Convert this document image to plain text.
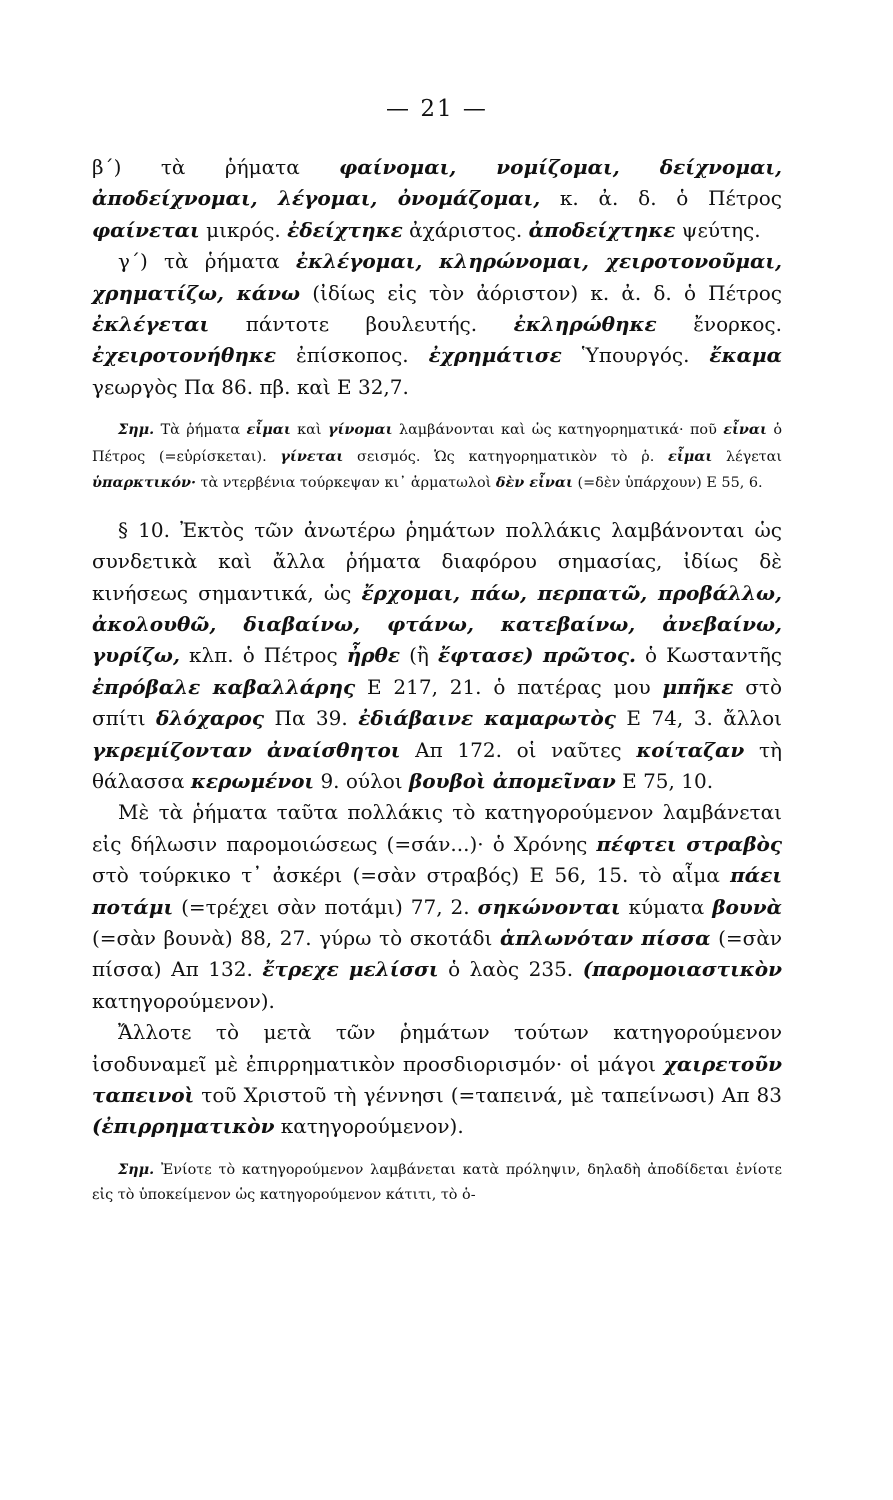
— 21 —

β΄) τὰ ῥήματα φαίνομαι, νομίζομαι, δείχνομαι, ἀποδείχνομαι, λέγομαι, ὀνομάζομαι, κ. ἀ. δ. ὁ Πέτρος φαίνεται μικρός. ἐδείχτηκε ἀχάριστος. ἀποδείχτηκε ψεύτης.

γ΄) τὰ ῥήματα ἐκλέγομαι, κληρώνομαι, χειροτονοῦμαι, χρηματίζω, κάνω (ἰδίως εἰς τὸν ἀόριστον) κ. ἀ. δ. ὁ Πέτρος ἐκλέγεται πάντοτε βουλευτής. ἐκληρώθηκε ἔνορκος. ἐχειροτονήθηκε ἐπίσκοπος. ἐχρημάτισε Ὑπουργός. ἔκαμα γεωργὸς Πα 86. πβ. καὶ Ε 32,7.

Σημ. Τὰ ῥήματα εἶμαι καὶ γίνομαι λαμβάνονται καὶ ὡς κατηγορηματικά· ποῦ εἶναι ὁ Πέτρος (=εὑρίσκεται). γίνεται σεισμός. Ὡς κατηγορηματικὸν τὸ ῥ. εἶμαι λέγεται ὑπαρκτικόν· τὰ ντερβένια τούρκεψαν κι᾽ ἁρματωλοὶ δὲν εἶναι (=δὲν ὑπάρχουν) Ε 55, 6.

§ 10. Ἐκτὸς τῶν ἀνωτέρω ῥημάτων πολλάκις λαμβάνονται ὡς συνδετικὰ καὶ ἄλλα ῥήματα διαφόρου σημασίας, ἰδίως δὲ κινήσεως σημαντικά, ὡς ἔρχομαι, πάω, περπατῶ, προβάλλω, ἀκολουθῶ, διαβαίνω, φτάνω, κατεβαίνω, ἀνεβαίνω, γυρίζω, κλπ. ὁ Πέτρος ἦρθε (ἢ ἔφτασε) πρῶτος. ὁ Κωσταντῆς ἐπρόβαλε καβαλλάρης Ε 217, 21. ὁ πατέρας μου μπῆκε στὸ σπίτι δλόχαρος Πα 39. ἐδιάβαινε καμαρωτὸς Ε 74, 3. ἄλλοι γκρεμίζονταν ἀναίσθητοι Απ 172. οἱ ναῦτες κοίταζαν τὴ θάλασσα κερωμένοι 9. ούλοι βουβοὶ ἀπομεῖναν Ε 75, 10.

Μὲ τὰ ῥήματα ταῦτα πολλάκις τὸ κατηγορούμενον λαμβάνεται εἰς δήλωσιν παρομοιώσεως (=σάν...)· ὁ Χρόνης πέφτει στραβὸς στὸ τούρκικο τ᾽ ἀσκέρι (=σὰν στραβός) Ε 56, 15. τὸ αἷμα πάει ποτάμι (=τρέχει σὰν ποτάμι) 77, 2. σηκώνονται κύματα βουνὰ (=σὰν βουνὰ) 88, 27. γύρω τὸ σκοτάδι ἁπλωνόταν πίσσα (=σὰν πίσσα) Απ 132. ἔτρεχε μελίσσι ὁ λαὸς 235. (παρομοιαστικὸν κατηγορούμενον).

Ἄλλοτε τὸ μετὰ τῶν ῥημάτων τούτων κατηγορούμενον ἰσοδυναμεῖ μὲ ἐπιρρηματικὸν προσδιορισμόν· οἱ μάγοι χαιρετοῦν ταπεινοὶ τοῦ Χριστοῦ τὴ γέννησι (=ταπεινά, μὲ ταπείνωσι) Απ 83 (ἐπιρρηματικὸν κατηγορούμενον).

Σημ. Ἐνίοτε τὸ κατηγορούμενον λαμβάνεται κατὰ πρόληψιν, δηλαδὴ ἀποδίδεται ἐνίοτε εἰς τὸ ὑποκείμενον ὡς κατηγορούμενον κάτιτι, τὸ ὁ-
